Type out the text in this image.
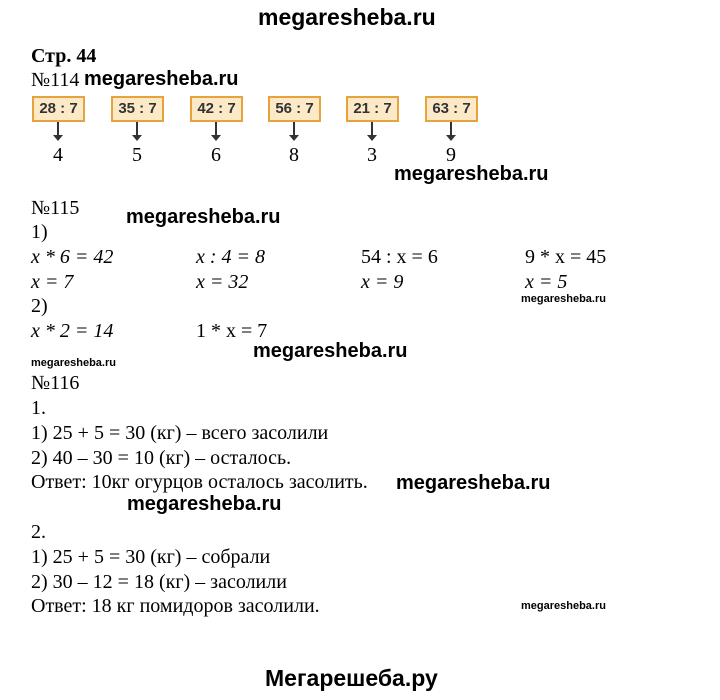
megaresheba.ru
megaresheba.ru
megaresheba.ru
megaresheba.ru
megaresheba.ru
megaresheba.ru
megaresheba.ru
megaresheba.ru
megaresheba.ru
Мегарешеба.ру
Стр. 44
№114 megaresheba.ru
28 : 7
4
35 : 7
5
42 : 7
6
56 : 7
8
21 : 7
3
63 : 7
9
№115
1)
x * 6 = 42	x : 4 = 8	54 : x = 6	9 * x = 45
x = 7	x = 32	x = 9	x = 5
2)
x * 2 = 14	1 * x = 7
№116
1.
1) 25 + 5 = 30 (кг) – всего засолили
2) 40 – 30 = 10 (кг) – осталось.
Ответ: 10кг огурцов осталось засолить.
2.
1) 25 + 5 = 30 (кг) – собрали
2) 30 – 12 = 18 (кг) – засолили
Ответ: 18 кг помидоров засолили.
